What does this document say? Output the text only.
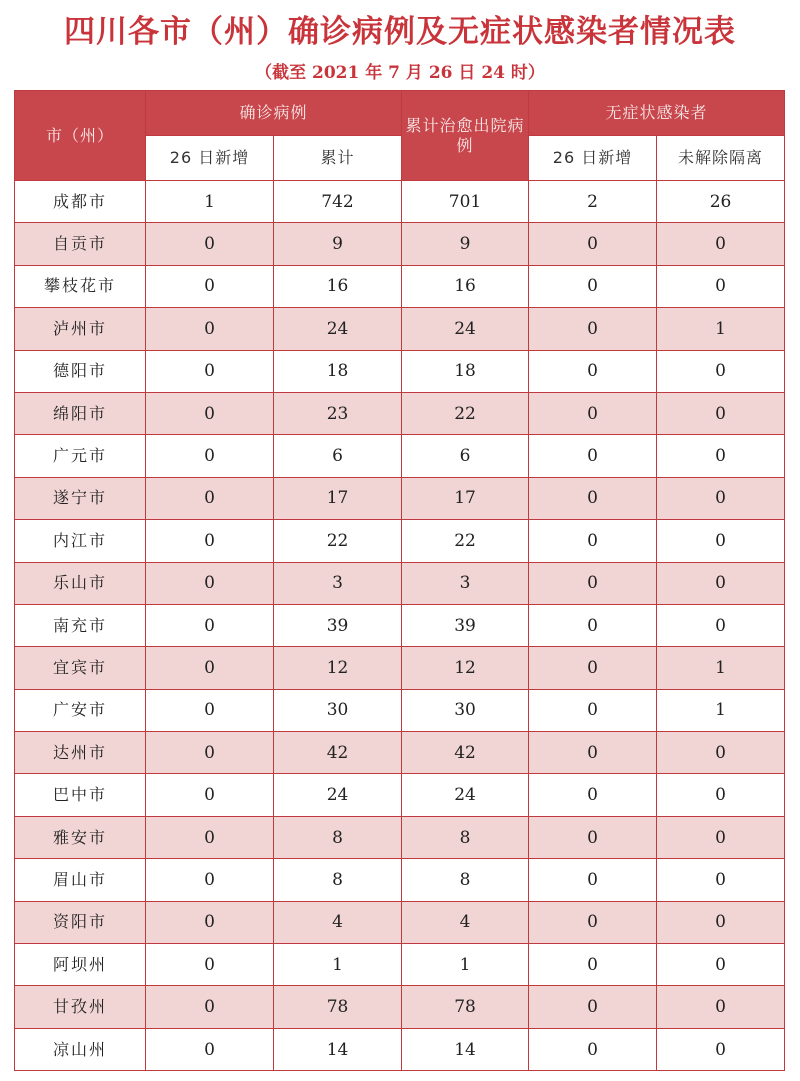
四川各市（州）确诊病例及无症状感染者情况表
（截至 2021 年 7 月 26 日 24 时）
市（州）	确诊病例		累计治愈出院病例	无症状感染者	
	26 日新增	累计		26 日新增	未解除隔离
成都市	1	742	701	2	26
自贡市	0	9	9	0	0
攀枝花市	0	16	16	0	0
泸州市	0	24	24	0	1
德阳市	0	18	18	0	0
绵阳市	0	23	22	0	0
广元市	0	6	6	0	0
遂宁市	0	17	17	0	0
内江市	0	22	22	0	0
乐山市	0	3	3	0	0
南充市	0	39	39	0	0
宜宾市	0	12	12	0	1
广安市	0	30	30	0	1
达州市	0	42	42	0	0
巴中市	0	24	24	0	0
雅安市	0	8	8	0	0
眉山市	0	8	8	0	0
资阳市	0	4	4	0	0
阿坝州	0	1	1	0	0
甘孜州	0	78	78	0	0
凉山州	0	14	14	0	0
